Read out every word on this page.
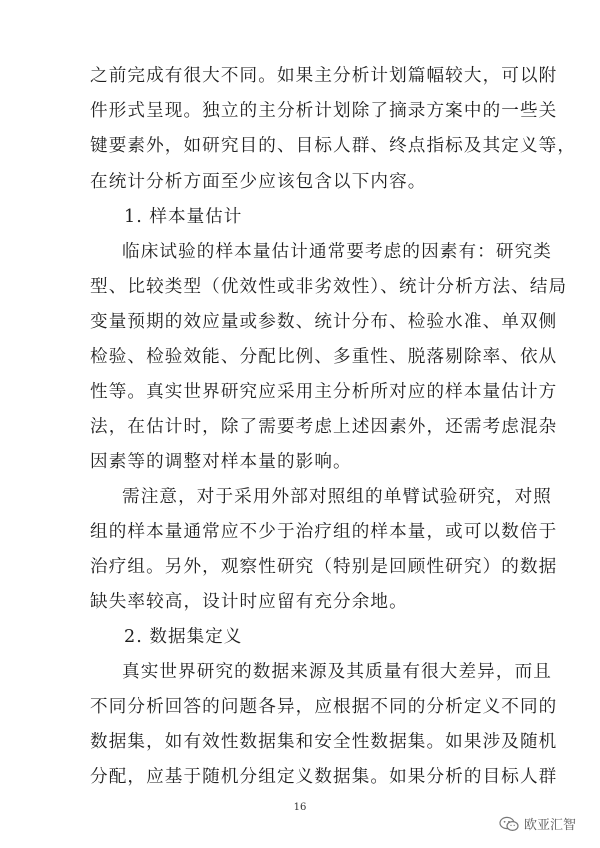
之前完成有很大不同。如果主分析计划篇幅较大，可以附
件形式呈现。独立的主分析计划除了摘录方案中的一些关
键要素外，如研究目的、目标人群、终点指标及其定义等，
在统计分析方面至少应该包含以下内容。
1. 样本量估计
临床试验的样本量估计通常要考虑的因素有：研究类
型、比较类型（优效性或非劣效性）、统计分析方法、结局
变量预期的效应量或参数、统计分布、检验水准、单双侧
检验、检验效能、分配比例、多重性、脱落剔除率、依从
性等。真实世界研究应采用主分析所对应的样本量估计方
法，在估计时，除了需要考虑上述因素外，还需考虑混杂
因素等的调整对样本量的影响。
需注意，对于采用外部对照组的单臂试验研究，对照
组的样本量通常应不少于治疗组的样本量，或可以数倍于
治疗组。另外，观察性研究（特别是回顾性研究）的数据
缺失率较高，设计时应留有充分余地。
2. 数据集定义
真实世界研究的数据来源及其质量有很大差异，而且
不同分析回答的问题各异，应根据不同的分析定义不同的
数据集，如有效性数据集和安全性数据集。如果涉及随机
分配，应基于随机分组定义数据集。如果分析的目标人群
16
欧亚汇智
